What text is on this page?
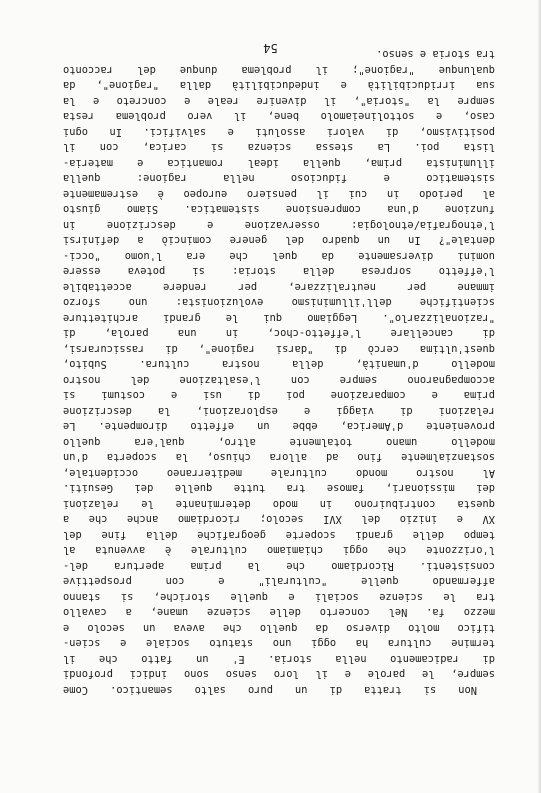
54
Non si tratta di un puro salto semantico. Come
sempre, le parole e il loro senso sono indici profondi
di radicamento nella storia. E' un fatto che il
termine cultura ha oggi uno statuto sociale e scien-
tifico molto diverso da quello che aveva un secolo e
mezzo fa. Nel concerto delle scienze umane, a cavallo
tra le scienze sociali e quelle storiche, si stanno
affermando quelle "culturali" e con prospettive
consistenti. Ricordiamo che la prima apertura del-
l'orizzonte che oggi chiamiamo culturale è avvenuta al
tempo delle grandi scoperte geografiche della fine del
XV e inizio del XVI secolo; ricordiamo anche che a
questa contribuirono in modo determinante le relazioni
dei missionari, famose tra tutte quelle dei Gesuiti.
Al nostro mondo culturale mediterraneo occidentale,
sostanzialmente fino ad allora chiuso, la scoperta d'un
modello umano totalmente altro, qual'era quello
proveniente d'America, ebbe un effetto dirompente. Le
relazioni di viaggi e esplorazioni, la descrizione
prima e comparazione poi di usi e costumi si
accompagnarono sempre con l'esaltazione del nostro
modello d'umanità, della nostra cultura. Subito,
quest'ultima cercò di "darsi ragione", di rassicurarsi,
di cancellare l'effetto-choc, in una parola, di
"razionalizzarlo". Leggiamo qui le grandi architetture
scientifiche dell'illuminismo evoluzionista: uno sforzo
immane per neutralizzare, per rendere accettabile
l'effetto sorpresa della storia: si poteva essere
uomini diversamente da quel che era l'uomo "occi-
dentale"? In un quadro del genere cominciò a definirsi
l'etnografia/etnologia: osservazione e descrizione in
funzione d'una comprensione sistematica. Siamo giusto
al periodo in cui il pensiero europeo è estremamente
sistematico e fiducioso nella ragione: quella
illuminista prima, quella ideal romantica e materia-
lista poi. La stessa scienza si carica, con il
positivismo, di valori assoluti e salvifici. In ogni
caso, e sottolineiamolo bene, il vero problema resta
sempre la "storia", il divenire reale e concreto e la
sua irriducibilità e indeducibilità dalla "ragione", da
qualunque "ragione"; il problema dunque del racconto
tra storia e senso.
